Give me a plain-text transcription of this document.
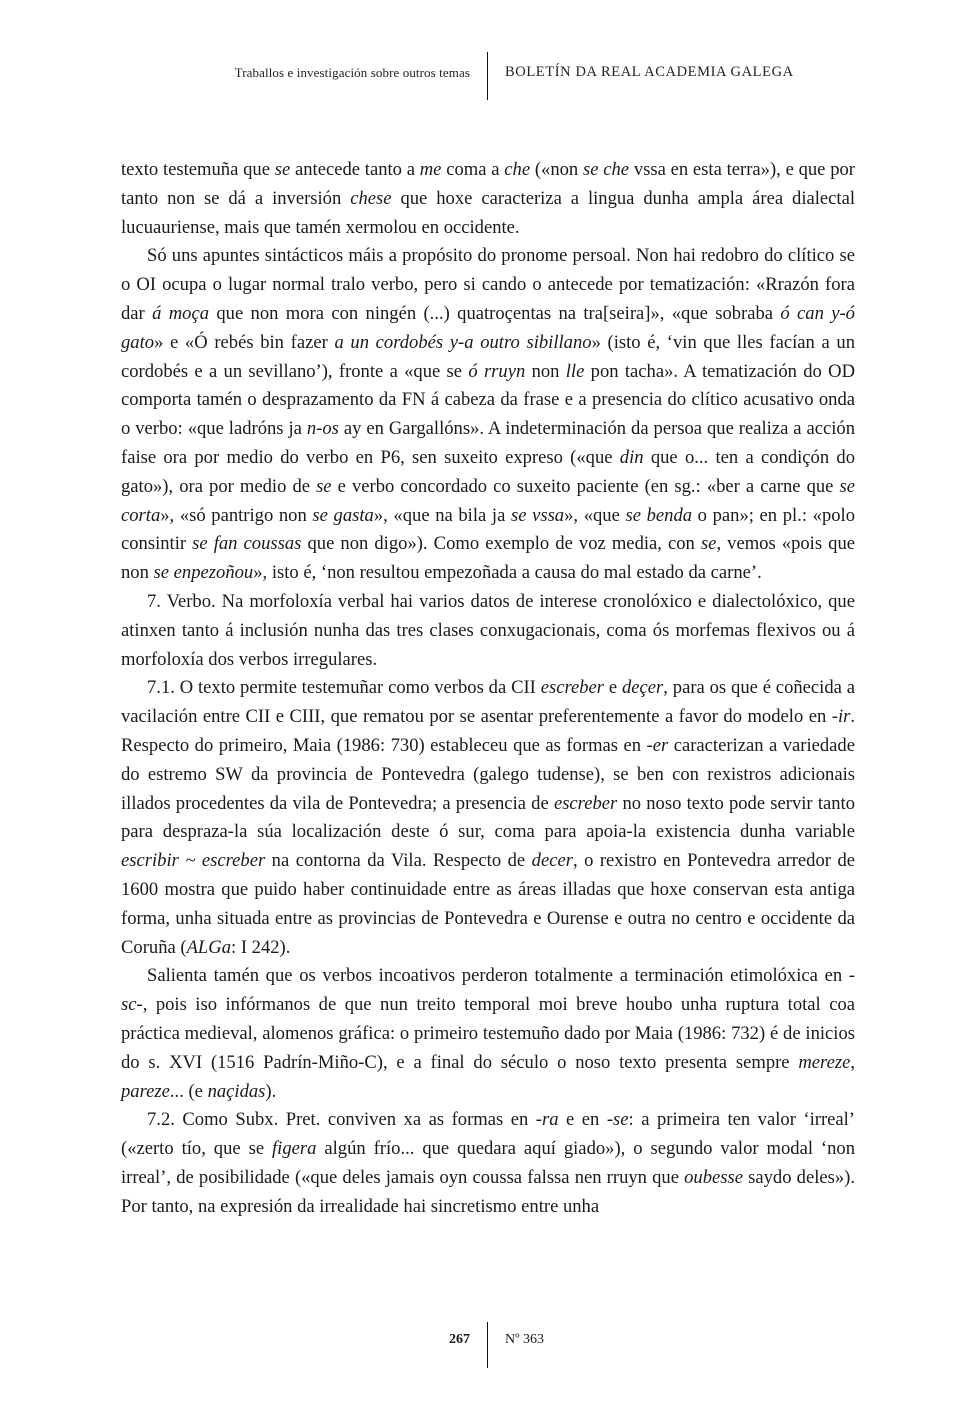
Traballos e investigación sobre outros temas BOLETÍN DA REAL ACADEMIA GALEGA

texto testemuña que se antecede tanto a me coma a che («non se che vssa en esta terra»), e que por tanto non se dá a inversión chese que hoxe caracteriza a lingua dunha ampla área dialectal lucuauriense, mais que tamén xermolou en occidente.

Só uns apuntes sintácticos máis a propósito do pronome persoal. Non hai redobro do clítico se o OI ocupa o lugar normal tralo verbo, pero si cando o antecede por tematización: «Rrazón fora dar á moça que non mora con ningén (...) quatroçentas na tra[seira]», «que sobraba ó can y-ó gato» e «Ó rebés bin fazer a un cordobés y-a outro sibillano» (isto é, ‘vin que lles facían a un cordobés e a un sevillano’), fronte a «que se ó rruyn non lle pon tacha». A tematización do OD comporta tamén o desprazamento da FN á cabeza da frase e a presencia do clítico acusativo onda o verbo: «que ladróns ja n-os ay en Gargallóns». A indeterminación da persoa que realiza a acción faise ora por medio do verbo en P6, sen suxeito expreso («que din que o... ten a condiçón do gato»), ora por medio de se e verbo concordado co suxeito paciente (en sg.: «ber a carne que se corta», «só pantrigo non se gasta», «que na bila ja se vssa», «que se benda o pan»; en pl.: «polo consintir se fan coussas que non digo»). Como exemplo de voz media, con se, vemos «pois que non se enpezoñou», isto é, ‘non resultou empezoñada a causa do mal estado da carne’.

7. Verbo. Na morfoloxía verbal hai varios datos de interese cronolóxico e dialectolóxico, que atinxen tanto á inclusión nunha das tres clases conxugacionais, coma ós morfemas flexivos ou á morfoloxía dos verbos irregulares.

7.1. O texto permite testemuñar como verbos da CII escreber e deçer, para os que é coñecida a vacilación entre CII e CIII, que rematou por se asentar preferentemente a favor do modelo en -ir. Respecto do primeiro, Maia (1986: 730) estableceu que as formas en -er caracterizan a variedade do estremo SW da provincia de Pontevedra (galego tudense), se ben con rexistros adicionais illados procedentes da vila de Pontevedra; a presencia de escreber no noso texto pode servir tanto para despraza-la súa localización deste ó sur, coma para apoia-la existencia dunha variable escribir ~ escreber na contorna da Vila. Respecto de decer, o rexistro en Pontevedra arredor de 1600 mostra que puido haber continuidade entre as áreas illadas que hoxe conservan esta antiga forma, unha situada entre as provincias de Pontevedra e Ourense e outra no centro e occidente da Coruña (ALGa: I 242).

Salienta tamén que os verbos incoativos perderon totalmente a terminación etimolóxica en -sc-, pois iso infórmanos de que nun treito temporal moi breve houbo unha ruptura total coa práctica medieval, alomenos gráfica: o primeiro testemuño dado por Maia (1986: 732) é de inicios do s. XVI (1516 Padrín-Miño-C), e a final do século o noso texto presenta sempre mereze, pareze... (e naçidas).

7.2. Como Subx. Pret. conviven xa as formas en -ra e en -se: a primeira ten valor ‘irreal’ («zerto tío, que se figera algún frío... que quedara aquí giado»), o segundo valor modal ‘non irreal’, de posibilidade («que deles jamais oyn coussa falssa nen rruyn que oubesse saydo deles»). Por tanto, na expresión da irrealidade hai sincretismo entre unha

267	Nº 363
